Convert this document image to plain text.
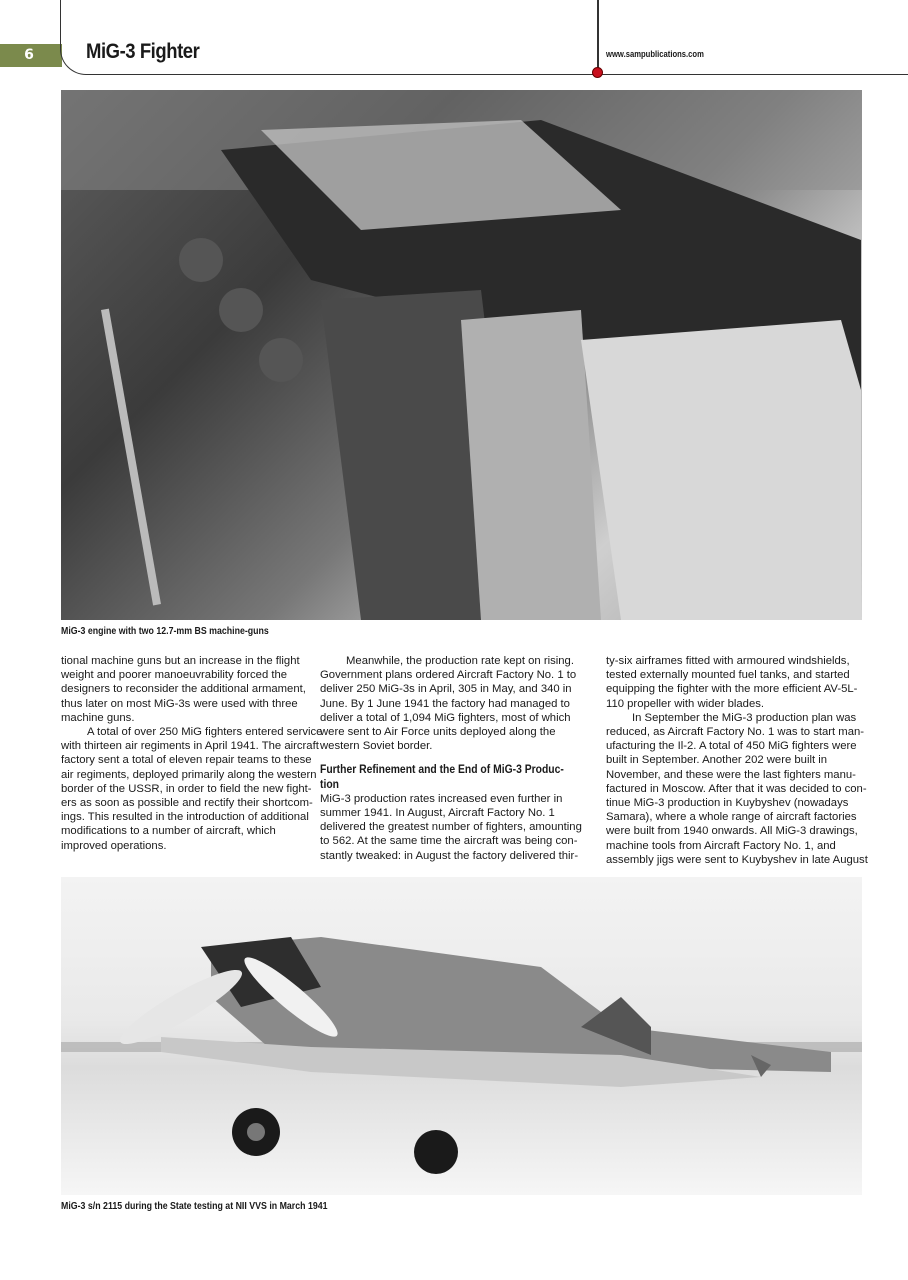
6	MiG-3 Fighter	www.sampublications.com
MiG-3 engine with two 12.7-mm BS machine-guns
tional machine guns but an increase in the flight
weight and poorer manoeuvrability forced the
designers to reconsider the additional armament,
thus later on most MiG-3s were used with three
machine guns.
A total of over 250 MiG fighters entered service
with thirteen air regiments in April 1941. The aircraft
factory sent a total of eleven repair teams to these
air regiments, deployed primarily along the western
border of the USSR, in order to field the new fight-
ers as soon as possible and rectify their shortcom-
ings. This resulted in the introduction of additional
modifications to a number of aircraft, which
improved operations.
Meanwhile, the production rate kept on rising.
Government plans ordered Aircraft Factory No. 1 to
deliver 250 MiG-3s in April, 305 in May, and 340 in
June. By 1 June 1941 the factory had managed to
deliver a total of 1,094 MiG fighters, most of which
were sent to Air Force units deployed along the
western Soviet border.
Further Refinement and the End of MiG-3 Produc-
tion
MiG-3 production rates increased even further in
summer 1941. In August, Aircraft Factory No. 1
delivered the greatest number of fighters, amounting
to 562. At the same time the aircraft was being con-
stantly tweaked: in August the factory delivered thir-
ty-six airframes fitted with armoured windshields,
tested externally mounted fuel tanks, and started
equipping the fighter with the more efficient AV-5L-
110 propeller with wider blades.
In September the MiG-3 production plan was
reduced, as Aircraft Factory No. 1 was to start man-
ufacturing the Il-2. A total of 450 MiG fighters were
built in September. Another 202 were built in
November, and these were the last fighters manu-
factured in Moscow. After that it was decided to con-
tinue MiG-3 production in Kuybyshev (nowadays
Samara), where a whole range of aircraft factories
were built from 1940 onwards. All MiG-3 drawings,
machine tools from Aircraft Factory No. 1, and
assembly jigs were sent to Kuybyshev in late August
MiG-3 s/n 2115 during the State testing at NII VVS in March 1941
